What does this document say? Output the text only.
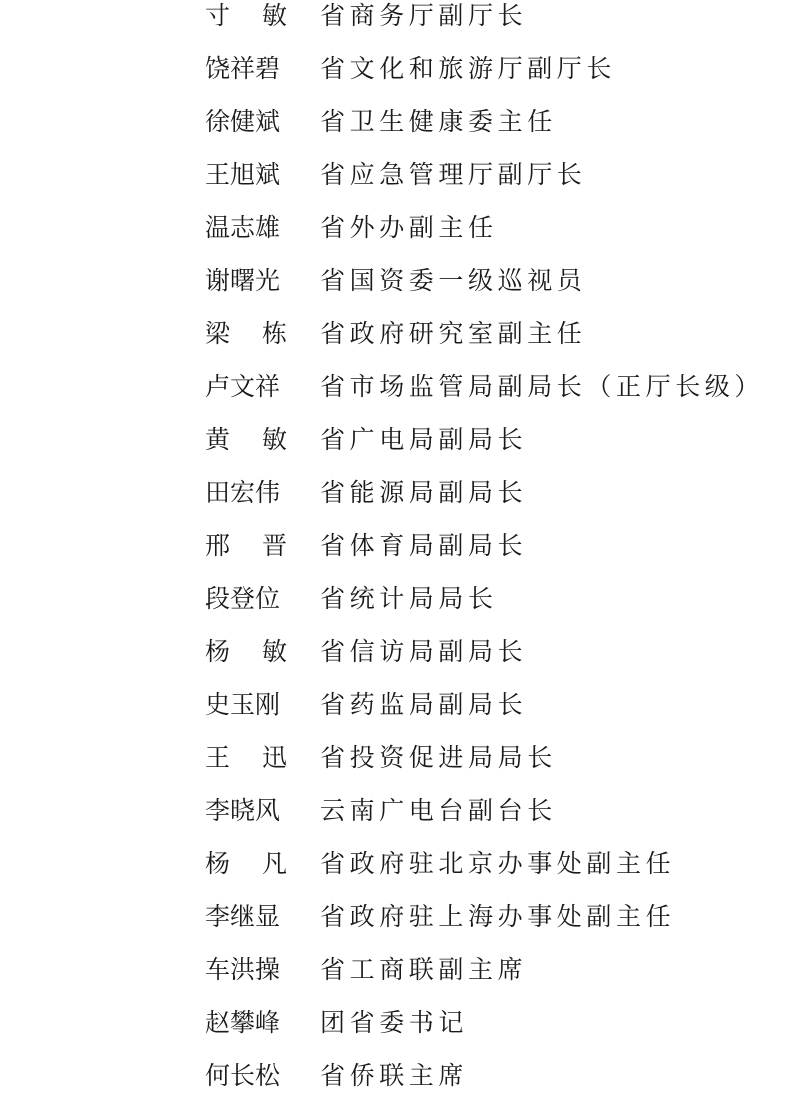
寸 敏 省商务厅副厅长
饶祥碧	省文化和旅游厅副厅长
徐健斌	省卫生健康委主任
王旭斌	省应急管理厅副厅长
温志雄	省外办副主任
谢曙光	省国资委一级巡视员
梁 栋 省政府研究室副主任
卢文祥	省市场监管局副局长（正厅长级）
黄 敏 省广电局副局长
田宏伟	省能源局副局长
邢 晋 省体育局副局长
段登位	省统计局局长
杨 敏 省信访局副局长
史玉刚	省药监局副局长
王 迅 省投资促进局局长
李晓风	云南广电台副台长
杨 凡 省政府驻北京办事处副主任
李继显	省政府驻上海办事处副主任
车洪操	省工商联副主席
赵攀峰	团省委书记
何长松	省侨联主席
